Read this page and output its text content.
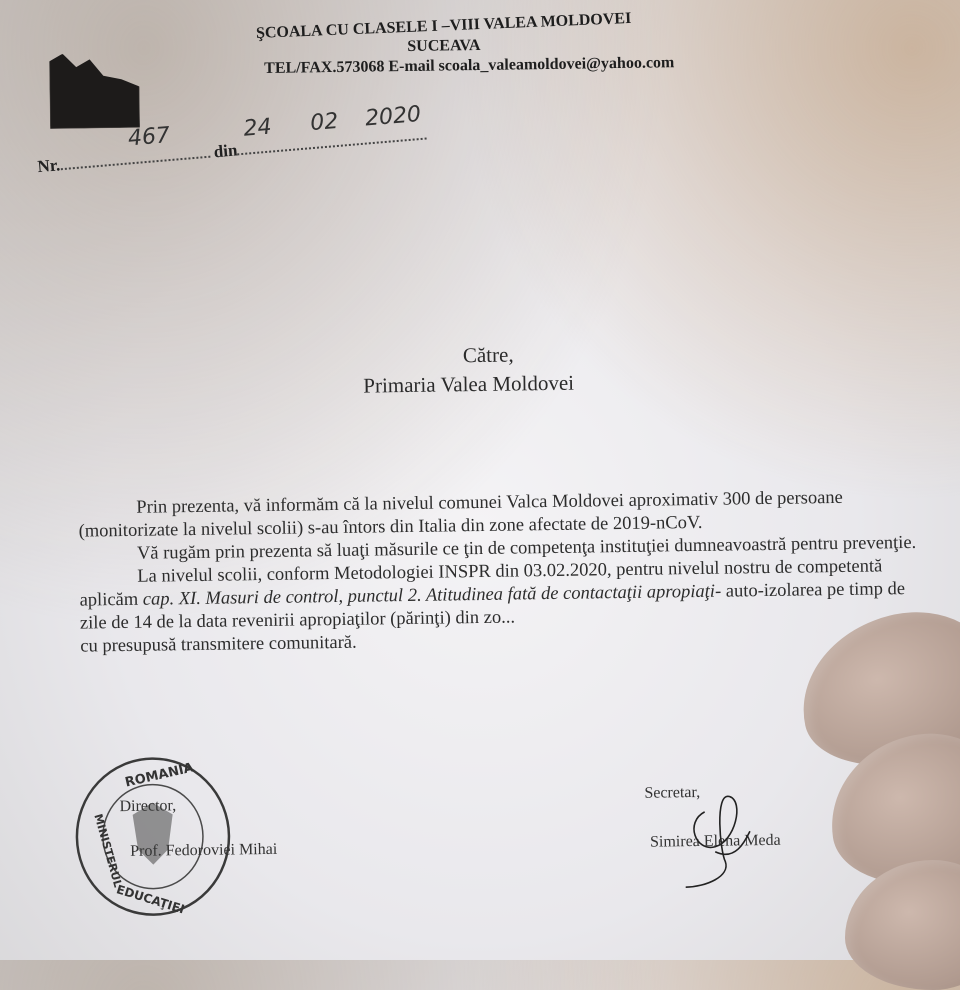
ŞCOALA CU CLASELE I –VIII VALEA MOLDOVEI
SUCEAVA
TEL/FAX.573068 E-mail scoala_valeamoldovei@yahoo.com
Nr.
467 din
24 02 2020
Către,
Primaria Valea Moldovei

Prin prezenta, vă informăm că la nivelul comunei Valca Moldovei aproximativ 300 de persoane (monitorizate la nivelul scolii) s-au întors din Italia din zone afectate de 2019-nCoV.

Vă rugăm prin prezenta să luaţi măsurile ce ţin de competenţa instituţiei dumneavoastră pentru prevenţie.

La nivelul scolii, conform Metodologiei INSPR din 03.02.2020, pentru nivelul nostru de competentă aplicăm cap. XI. Masuri de control, punctul 2. Atitudinea fată de contactaţii apropiaţi- auto-izolarea pe timp de zile de 14 de la data revenirii apropiaţilor (părinţi) din zo...

cu presupusă transmitere comunitară.

ROMANIA
EDUCAŢIEI
MINISTERUL
Director,
Prof. Fedoroviei Mihai
Secretar,
Simirea Elena Meda
